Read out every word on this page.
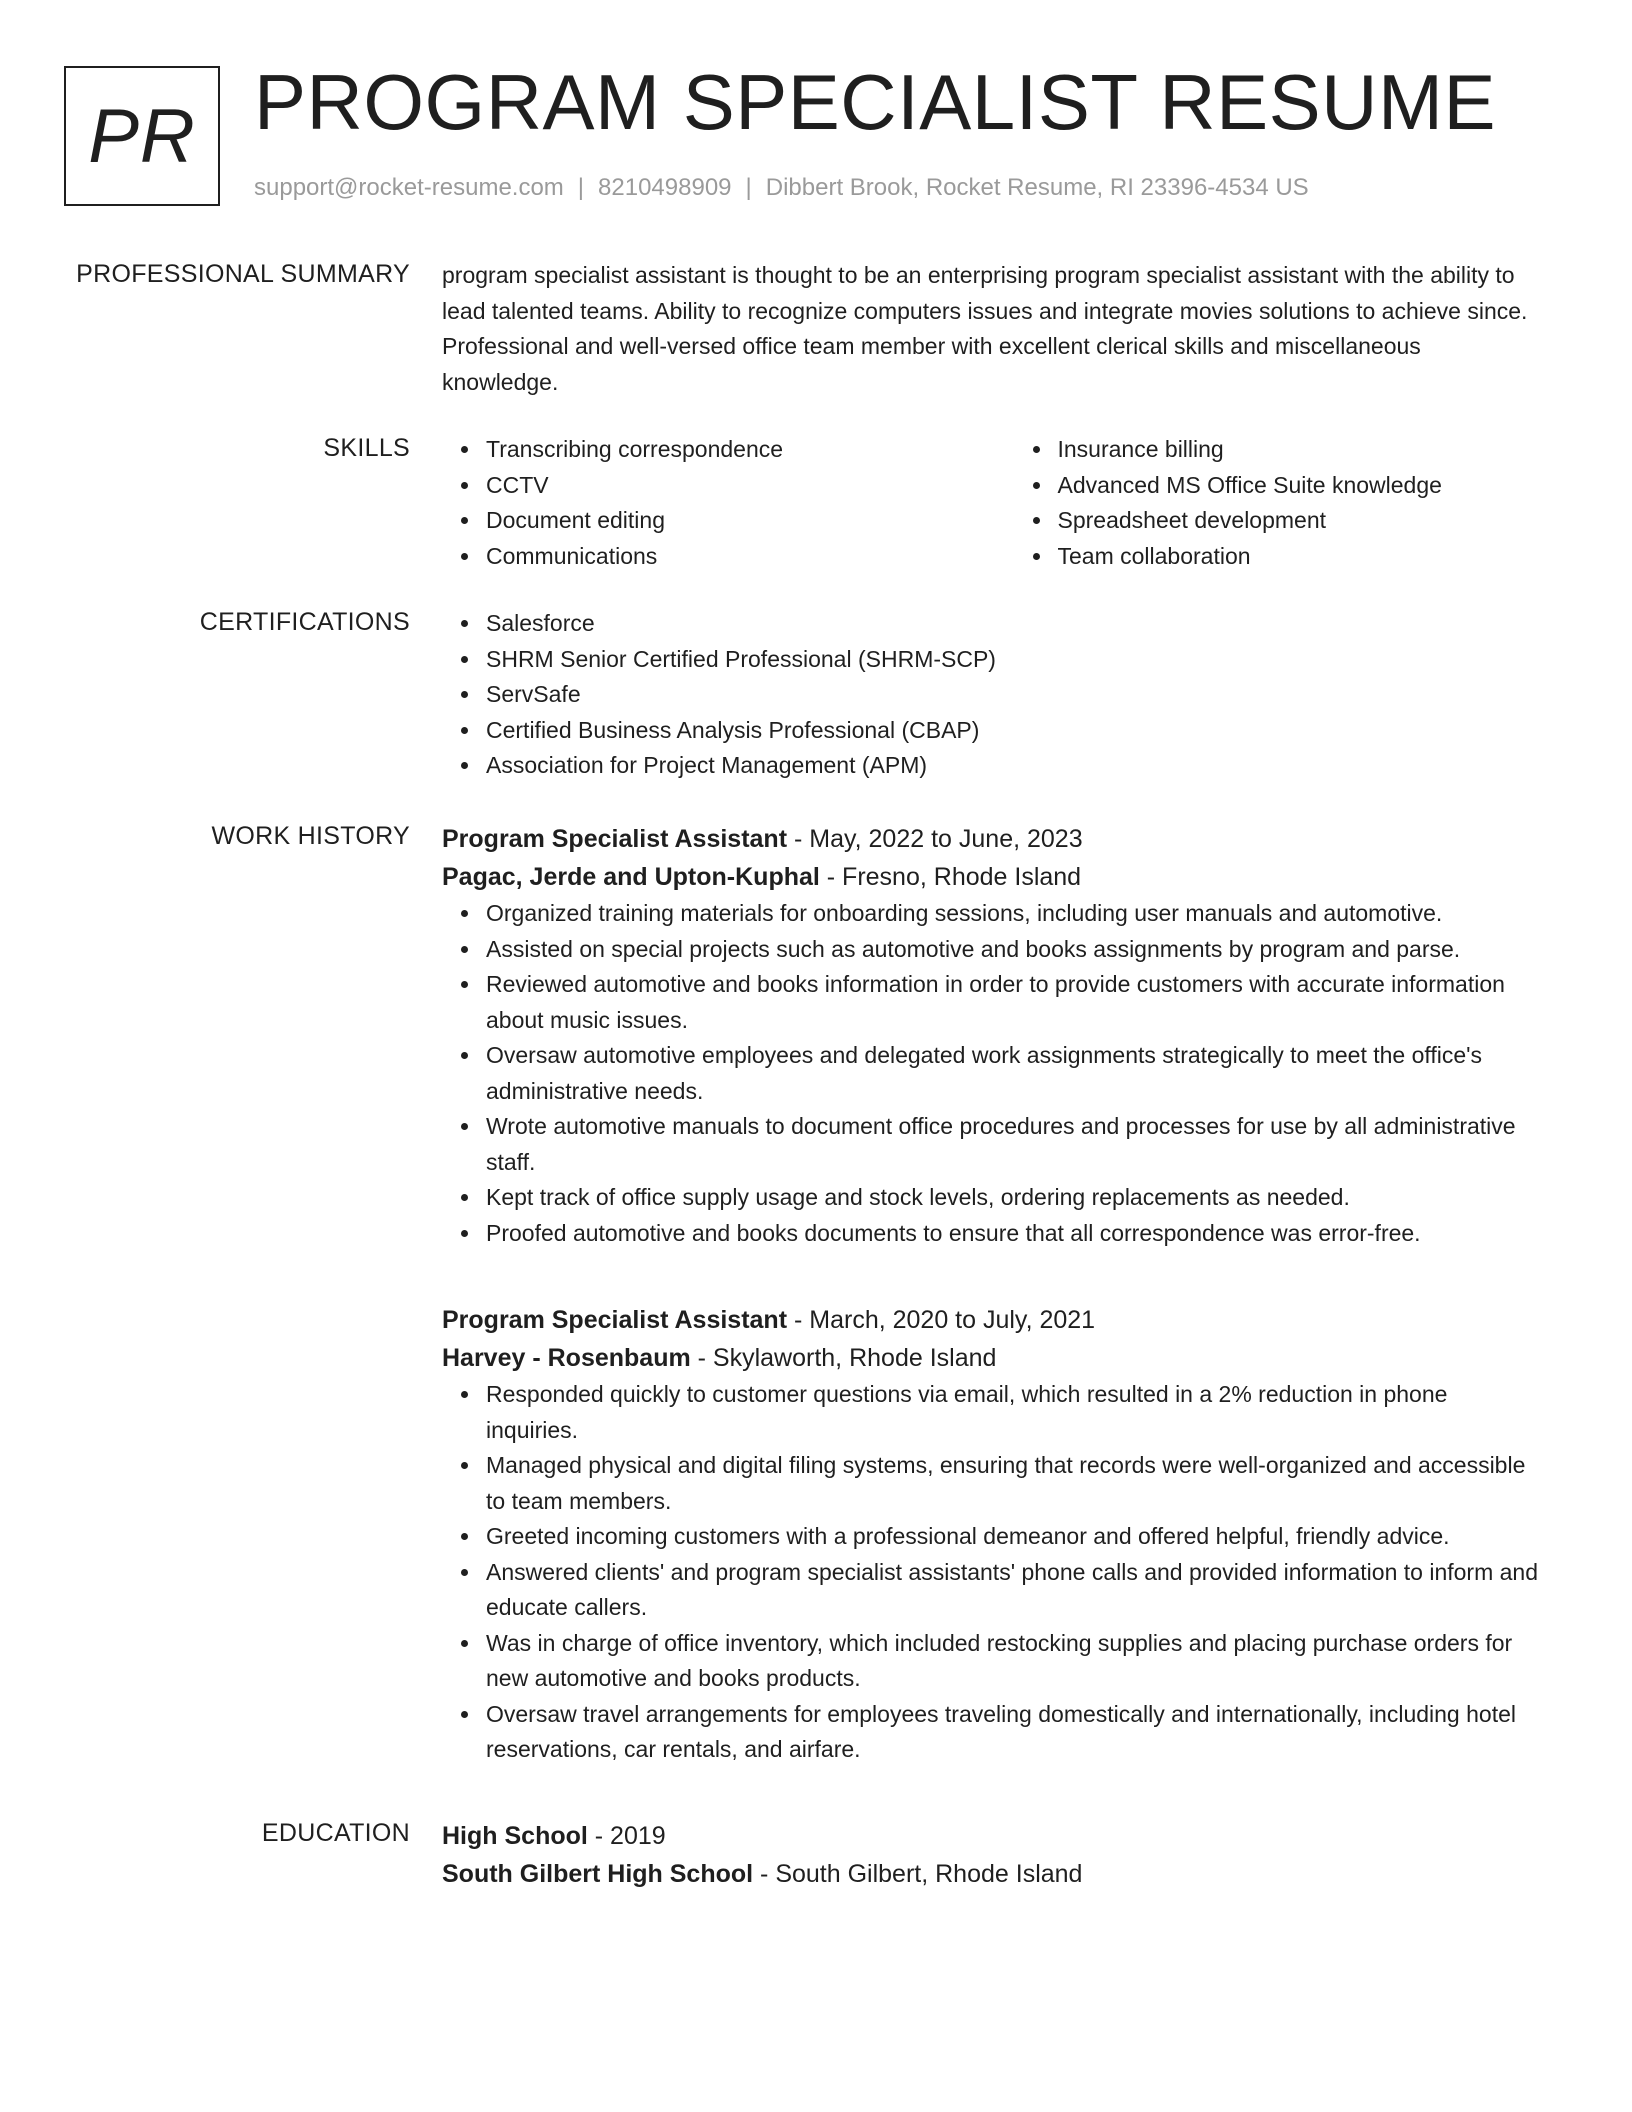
PR PROGRAM SPECIALIST RESUME
support@rocket-resume.com | 8210498909 | Dibbert Brook, Rocket Resume, RI 23396-4534 US
PROFESSIONAL SUMMARY program specialist assistant is thought to be an enterprising program specialist assistant with the ability to lead talented teams. Ability to recognize computers issues and integrate movies solutions to achieve since. Professional and well-versed office team member with excellent clerical skills and miscellaneous knowledge.

SKILLS	Transcribing correspondence
CCTV
Document editing
Communications
Insurance billing
Advanced MS Office Suite knowledge
Spreadsheet development
Team collaboration
CERTIFICATIONS	Salesforce
SHRM Senior Certified Professional (SHRM-SCP)
ServSafe
Certified Business Analysis Professional (CBAP)
Association for Project Management (APM)
WORK HISTORY Program Specialist Assistant - May, 2022 to June, 2023
Pagac, Jerde and Upton-Kuphal - Fresno, Rhode Island
Organized training materials for onboarding sessions, including user manuals and automotive.
Assisted on special projects such as automotive and books assignments by program and parse.
Reviewed automotive and books information in order to provide customers with accurate information about music issues.
Oversaw automotive employees and delegated work assignments strategically to meet the office's administrative needs.
Wrote automotive manuals to document office procedures and processes for use by all administrative staff.
Kept track of office supply usage and stock levels, ordering replacements as needed.
Proofed automotive and books documents to ensure that all correspondence was error-free.
Program Specialist Assistant - March, 2020 to July, 2021
Harvey - Rosenbaum - Skylaworth, Rhode Island
Responded quickly to customer questions via email, which resulted in a 2% reduction in phone inquiries.
Managed physical and digital filing systems, ensuring that records were well-organized and accessible to team members.
Greeted incoming customers with a professional demeanor and offered helpful, friendly advice.
Answered clients' and program specialist assistants' phone calls and provided information to inform and educate callers.
Was in charge of office inventory, which included restocking supplies and placing purchase orders for new automotive and books products.
Oversaw travel arrangements for employees traveling domestically and internationally, including hotel reservations, car rentals, and airfare.
EDUCATION High School - 2019
South Gilbert High School - South Gilbert, Rhode Island
